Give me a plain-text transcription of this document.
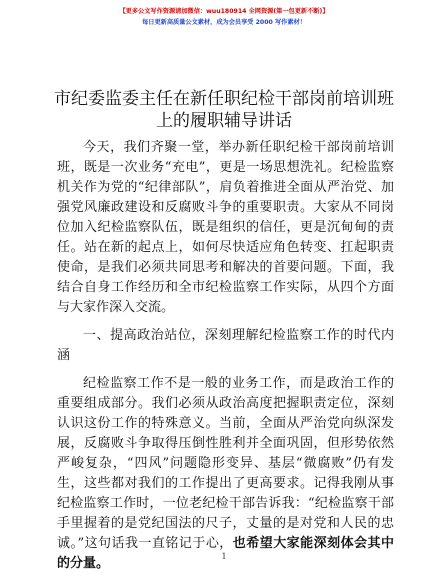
【更多公文写作资源请加微信：wuu180914 全网资源(第一包更新不断)】
每日更新高质量公文素材，成为会员享受 2000 写作素材！
市纪委监委主任在新任职纪检干部岗前培训班
上的履职辅导讲话

今天，我们齐聚一堂，举办新任职纪检干部岗前培训班，既是一次业务“充电”，更是一场思想洗礼。纪检监察机关作为党的“纪律部队”，肩负着推进全面从严治党、加强党风廉政建设和反腐败斗争的重要职责。大家从不同岗位加入纪检监察队伍，既是组织的信任，更是沉甸甸的责任。站在新的起点上，如何尽快适应角色转变、扛起职责使命，是我们必须共同思考和解决的首要问题。下面，我结合自身工作经历和全市纪检监察工作实际，从四个方面与大家作深入交流。

一、提高政治站位，深刻理解纪检监察工作的时代内涵

纪检监察工作不是一般的业务工作，而是政治工作的重要组成部分。我们必须从政治高度把握职责定位，深刻认识这份工作的特殊意义。当前，全面从严治党向纵深发展，反腐败斗争取得压倒性胜利并全面巩固，但形势依然严峻复杂，“四风”问题隐形变异、基层“微腐败”仍有发生，这些都对我们的工作提出了更高要求。记得我刚从事纪检监察工作时，一位老纪检干部告诉我：“纪检监察干部手里握着的是党纪国法的尺子，丈量的是对党和人民的忠诚。”这句话我一直铭记于心，也希望大家能深刻体会其中的分量。	1
